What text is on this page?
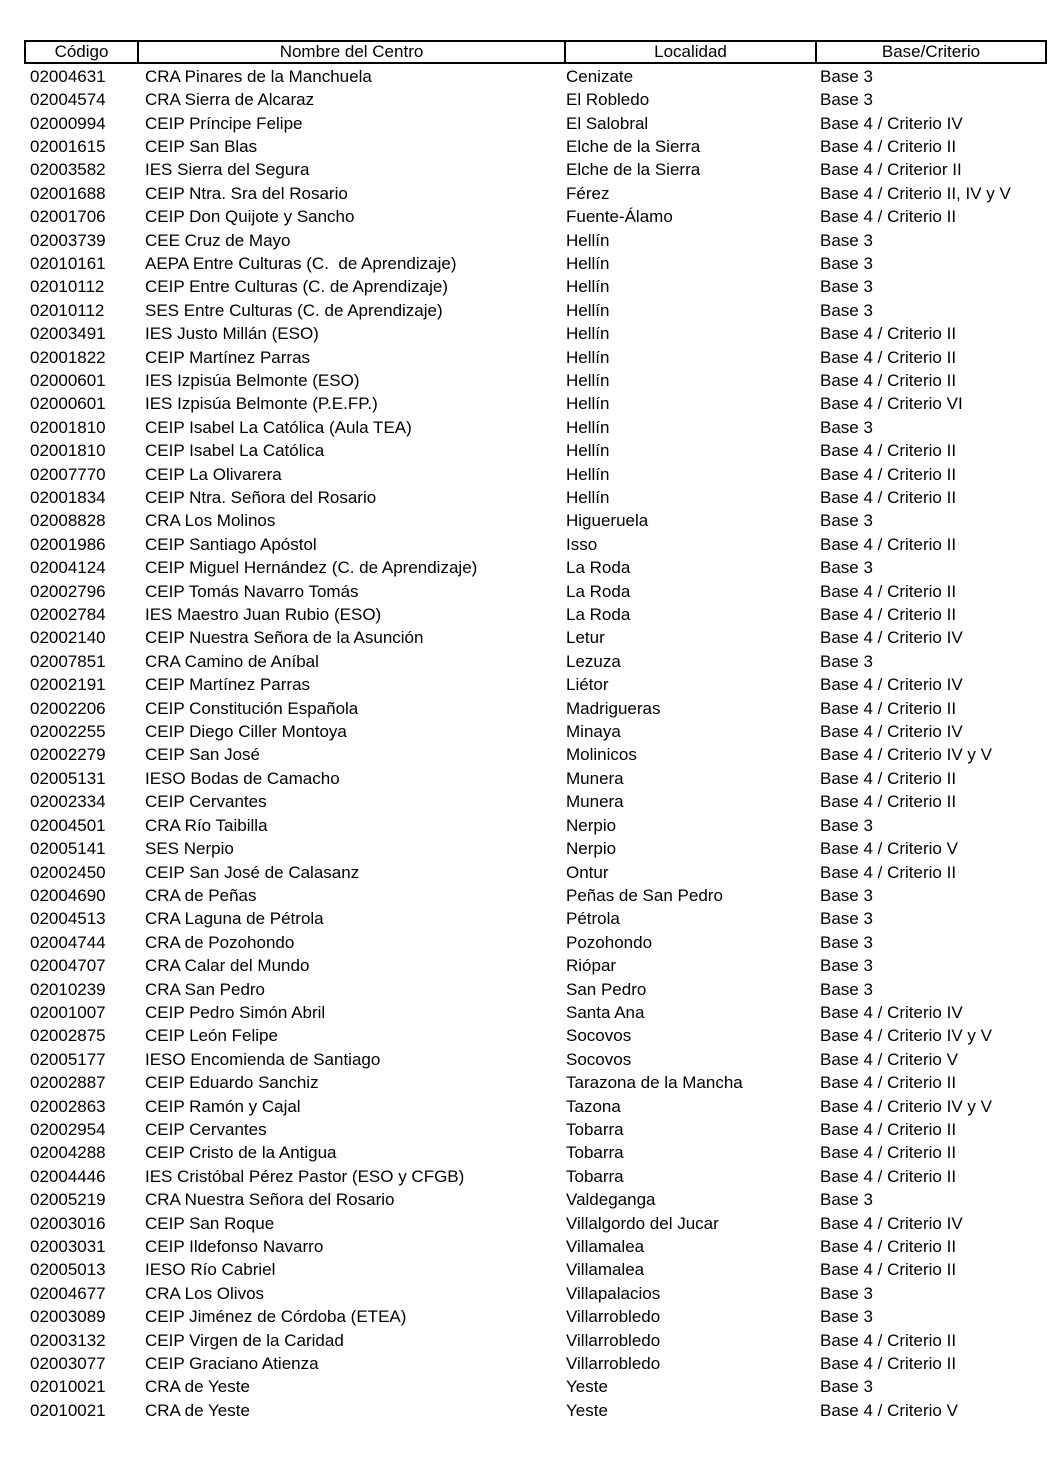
Código	Nombre del Centro	Localidad	Base/Criterio
02004631	CRA Pinares de la Manchuela	Cenizate	Base 3
02004574	CRA Sierra de Alcaraz	El Robledo	Base 3
02000994	CEIP Príncipe Felipe	El Salobral	Base 4 / Criterio IV
02001615	CEIP San Blas	Elche de la Sierra	Base 4 / Criterio II
02003582	IES Sierra del Segura	Elche de la Sierra	Base 4 / Criterior II
02001688	CEIP Ntra. Sra del Rosario	Férez	Base 4 / Criterio II, IV y V
02001706	CEIP Don Quijote y Sancho	Fuente-Álamo	Base 4 / Criterio II
02003739	CEE Cruz de Mayo	Hellín	Base 3
02010161	AEPA Entre Culturas (C.  de Aprendizaje)	Hellín	Base 3
02010112	CEIP Entre Culturas (C. de Aprendizaje)	Hellín	Base 3
02010112	SES Entre Culturas (C. de Aprendizaje)	Hellín	Base 3
02003491	IES Justo Millán (ESO)	Hellín	Base 4 / Criterio II
02001822	CEIP Martínez Parras	Hellín	Base 4 / Criterio II
02000601	IES Izpisúa Belmonte (ESO)	Hellín	Base 4 / Criterio II
02000601	IES Izpisúa Belmonte (P.E.FP.)	Hellín	Base 4 / Criterio VI
02001810	CEIP Isabel La Católica (Aula TEA)	Hellín	Base 3
02001810	CEIP Isabel La Católica	Hellín	Base 4 / Criterio II
02007770	CEIP La Olivarera	Hellín	Base 4 / Criterio II
02001834	CEIP Ntra. Señora del Rosario	Hellín	Base 4 / Criterio II
02008828	CRA Los Molinos	Higueruela	Base 3
02001986	CEIP Santiago Apóstol	Isso	Base 4 / Criterio II
02004124	CEIP Miguel Hernández (C. de Aprendizaje)	La Roda	Base 3
02002796	CEIP Tomás Navarro Tomás	La Roda	Base 4 / Criterio II
02002784	IES Maestro Juan Rubio (ESO)	La Roda	Base 4 / Criterio II
02002140	CEIP Nuestra Señora de la Asunción	Letur	Base 4 / Criterio IV
02007851	CRA Camino de Aníbal	Lezuza	Base 3
02002191	CEIP Martínez Parras	Liétor	Base 4 / Criterio IV
02002206	CEIP Constitución Española	Madrigueras	Base 4 / Criterio II
02002255	CEIP Diego Ciller Montoya	Minaya	Base 4 / Criterio IV
02002279	CEIP San José	Molinicos	Base 4 / Criterio IV y V
02005131	IESO Bodas de Camacho	Munera	Base 4 / Criterio II
02002334	CEIP Cervantes	Munera	Base 4 / Criterio II
02004501	CRA Río Taibilla	Nerpio	Base 3
02005141	SES Nerpio	Nerpio	Base 4 / Criterio V
02002450	CEIP San José de Calasanz	Ontur	Base 4 / Criterio II
02004690	CRA de Peñas	Peñas de San Pedro	Base 3
02004513	CRA Laguna de Pétrola	Pétrola	Base 3
02004744	CRA de Pozohondo	Pozohondo	Base 3
02004707	CRA Calar del Mundo	Riópar	Base 3
02010239	CRA San Pedro	San Pedro	Base 3
02001007	CEIP Pedro Simón Abril	Santa Ana	Base 4 / Criterio IV
02002875	CEIP León Felipe	Socovos	Base 4 / Criterio IV y V
02005177	IESO Encomienda de Santiago	Socovos	Base 4 / Criterio V
02002887	CEIP Eduardo Sanchiz	Tarazona de la Mancha	Base 4 / Criterio II
02002863	CEIP Ramón y Cajal	Tazona	Base 4 / Criterio IV y V
02002954	CEIP Cervantes	Tobarra	Base 4 / Criterio II
02004288	CEIP Cristo de la Antigua	Tobarra	Base 4 / Criterio II
02004446	IES Cristóbal Pérez Pastor (ESO y CFGB)	Tobarra	Base 4 / Criterio II
02005219	CRA Nuestra Señora del Rosario	Valdeganga	Base 3
02003016	CEIP San Roque	Villalgordo del Jucar	Base 4 / Criterio IV
02003031	CEIP Ildefonso Navarro	Villamalea	Base 4 / Criterio II
02005013	IESO Río Cabriel	Villamalea	Base 4 / Criterio II
02004677	CRA Los Olivos	Villapalacios	Base 3
02003089	CEIP Jiménez de Córdoba (ETEA)	Villarrobledo	Base 3
02003132	CEIP Virgen de la Caridad	Villarrobledo	Base 4 / Criterio II
02003077	CEIP Graciano Atienza	Villarrobledo	Base 4 / Criterio II
02010021	CRA de Yeste	Yeste	Base 3
02010021	CRA de Yeste	Yeste	Base 4 / Criterio V
